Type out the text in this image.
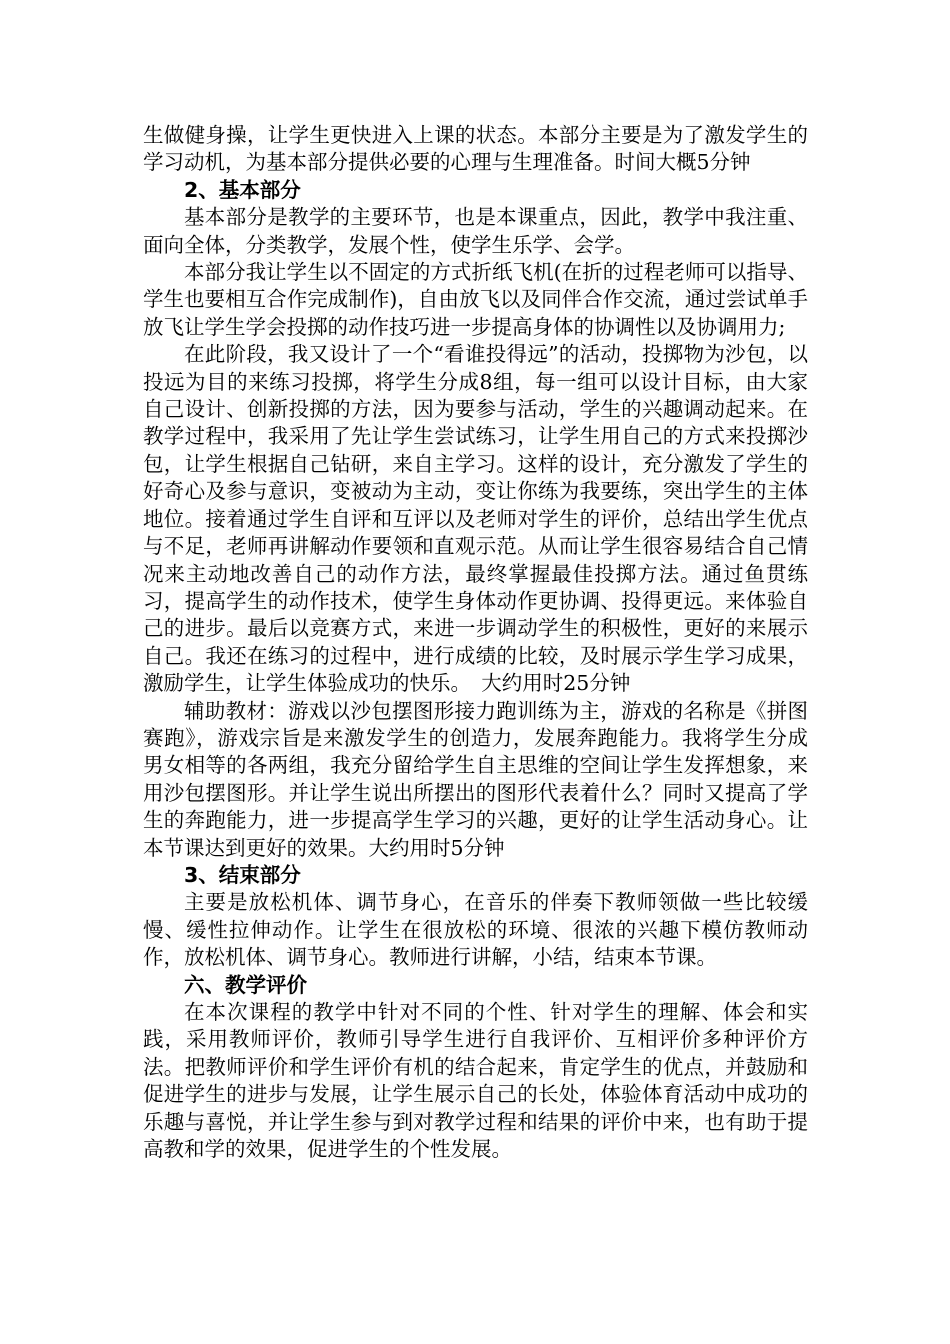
生做健身操，让学生更快进入上课的状态。本部分主要是为了激发学生的学习动机，为基本部分提供必要的心理与生理准备。时间大概5分钟

2、基本部分

基本部分是教学的主要环节，也是本课重点，因此，教学中我注重、面向全体，分类教学，发展个性，使学生乐学、会学。

本部分我让学生以不固定的方式折纸飞机(在折的过程老师可以指导、学生也要相互合作完成制作)，自由放飞以及同伴合作交流，通过尝试单手放飞让学生学会投掷的动作技巧进一步提高身体的协调性以及协调用力;

在此阶段，我又设计了一个“看谁投得远”的活动，投掷物为沙包，以投远为目的来练习投掷，将学生分成8组，每一组可以设计目标，由大家自己设计、创新投掷的方法，因为要参与活动，学生的兴趣调动起来。在教学过程中，我采用了先让学生尝试练习，让学生用自己的方式来投掷沙包，让学生根据自己钻研，来自主学习。这样的设计，充分激发了学生的好奇心及参与意识，变被动为主动，变让你练为我要练，突出学生的主体地位。接着通过学生自评和互评以及老师对学生的评价，总结出学生优点与不足，老师再讲解动作要领和直观示范。从而让学生很容易结合自己情况来主动地改善自己的动作方法，最终掌握最佳投掷方法。通过鱼贯练习，提高学生的动作技术，使学生身体动作更协调、投得更远。来体验自己的进步。最后以竞赛方式，来进一步调动学生的积极性，更好的来展示自己。我还在练习的过程中，进行成绩的比较，及时展示学生学习成果，激励学生，让学生体验成功的快乐。　大约用时25分钟

辅助教材：游戏以沙包摆图形接力跑训练为主，游戏的名称是《拼图赛跑》，游戏宗旨是来激发学生的创造力，发展奔跑能力。我将学生分成男女相等的各两组，我充分留给学生自主思维的空间让学生发挥想象，来用沙包摆图形。并让学生说出所摆出的图形代表着什么？同时又提高了学生的奔跑能力，进一步提高学生学习的兴趣，更好的让学生活动身心。让本节课达到更好的效果。大约用时5分钟

3、结束部分

主要是放松机体、调节身心，在音乐的伴奏下教师领做一些比较缓慢、缓性拉伸动作。让学生在很放松的环境、很浓的兴趣下模仿教师动作，放松机体、调节身心。教师进行讲解，小结，结束本节课。

六、教学评价

在本次课程的教学中针对不同的个性、针对学生的理解、体会和实践，采用教师评价，教师引导学生进行自我评价、互相评价多种评价方法。把教师评价和学生评价有机的结合起来，肯定学生的优点，并鼓励和促进学生的进步与发展，让学生展示自己的长处，体验体育活动中成功的乐趣与喜悦，并让学生参与到对教学过程和结果的评价中来，也有助于提高教和学的效果，促进学生的个性发展。
